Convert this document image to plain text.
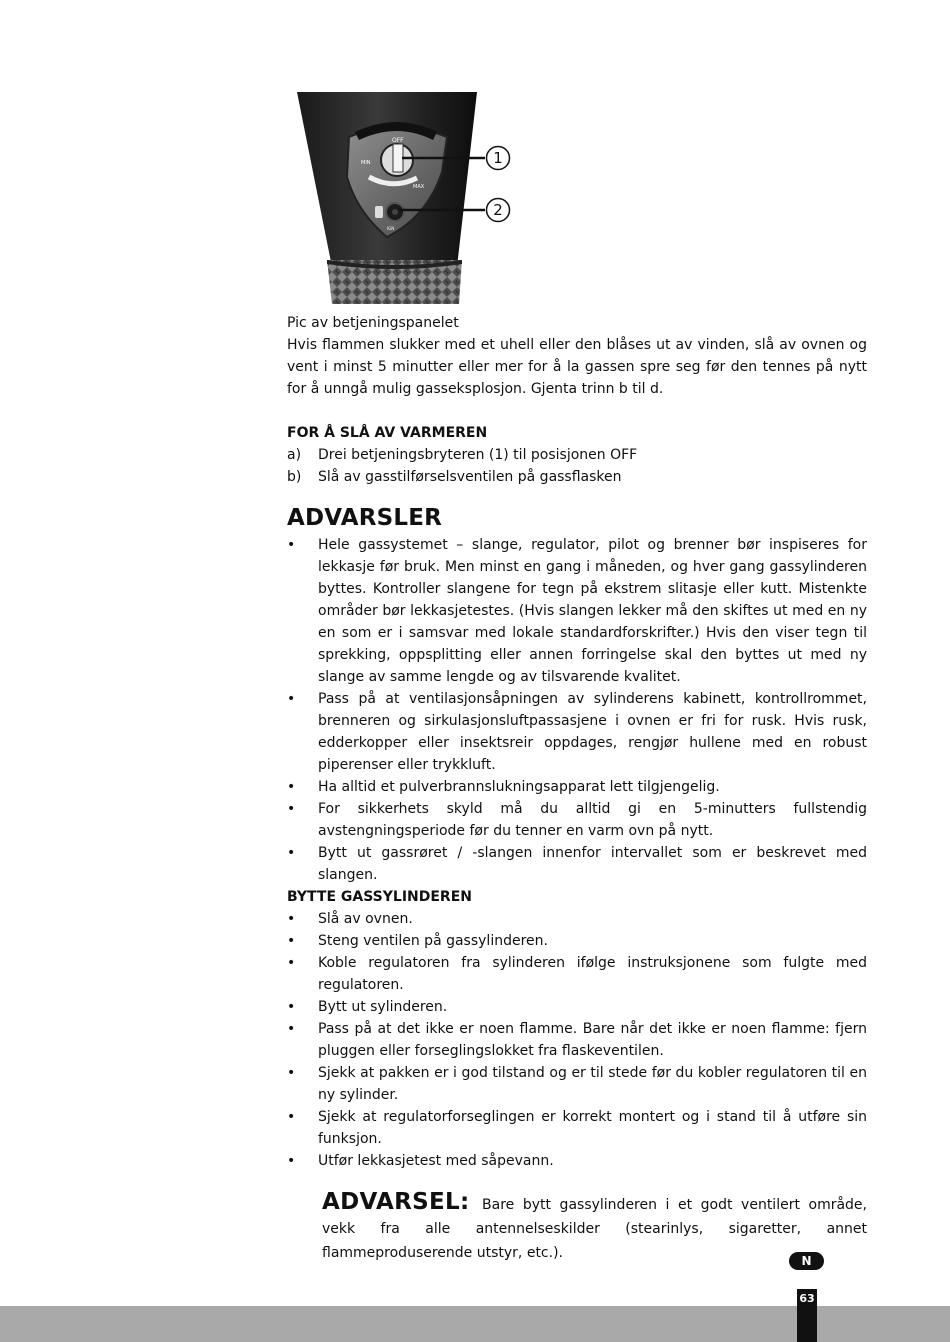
OFF
MIN
MAX
IGN
1
2
Pic av betjeningspanelet
Hvis flammen slukker med et uhell eller den blåses ut av vinden, slå av ovnen og vent i minst 5 minutter eller mer for å la gassen spre seg før den tennes på nytt for å unngå mulig gasseksplosjon. Gjenta trinn b til d.
FOR Å SLÅ AV VARMEREN
a) Drei betjeningsbryteren (1) til posisjonen OFF
b) Slå av gasstilførselsventilen på gassflasken
ADVARSLER
• Hele gassystemet – slange, regulator, pilot og brenner bør inspiseres for lekkasje før bruk. Men minst en gang i måneden, og hver gang gassylinderen byttes. Kontroller slangene for tegn på ekstrem slitasje eller kutt. Mistenkte områder bør lekkasjetestes. (Hvis slangen lekker må den skiftes ut med en ny en som er i samsvar med lokale standardforskrifter.) Hvis den viser tegn til sprekking, oppsplitting eller annen forringelse skal den byttes ut med ny slange av samme lengde og av tilsvarende kvalitet.
• Pass på at ventilasjonsåpningen av sylinderens kabinett, kontrollrommet, brenneren og sirkulasjonsluftpassasjene i ovnen er fri for rusk. Hvis rusk, edderkopper eller insektsreir oppdages, rengjør hullene med en robust piperenser eller trykkluft.
• Ha alltid et pulverbrannslukningsapparat lett tilgjengelig.
• For sikkerhets skyld må du alltid gi en 5-minutters fullstendig avstengningsperiode før du tenner en varm ovn på nytt.
• Bytt ut gassrøret / -slangen innenfor intervallet som er beskrevet med slangen.
BYTTE GASSYLINDEREN
• Slå av ovnen.
• Steng ventilen på gassylinderen.
• Koble regulatoren fra sylinderen ifølge instruksjonene som fulgte med regulatoren.
• Bytt ut sylinderen.
• Pass på at det ikke er noen flamme. Bare når det ikke er noen flamme: fjern pluggen eller forseglingslokket fra flaskeventilen.
• Sjekk at pakken er i god tilstand og er til stede før du kobler regulatoren til en ny sylinder.
• Sjekk at regulatorforseglingen er korrekt montert og i stand til å utføre sin funksjon.
• Utfør lekkasjetest med såpevann.
ADVARSEL: Bare bytt gassylinderen i et godt ventilert område, vekk fra alle antennelseskilder (stearinlys, sigaretter, annet flammeproduserende utstyr, etc.).	N
63
